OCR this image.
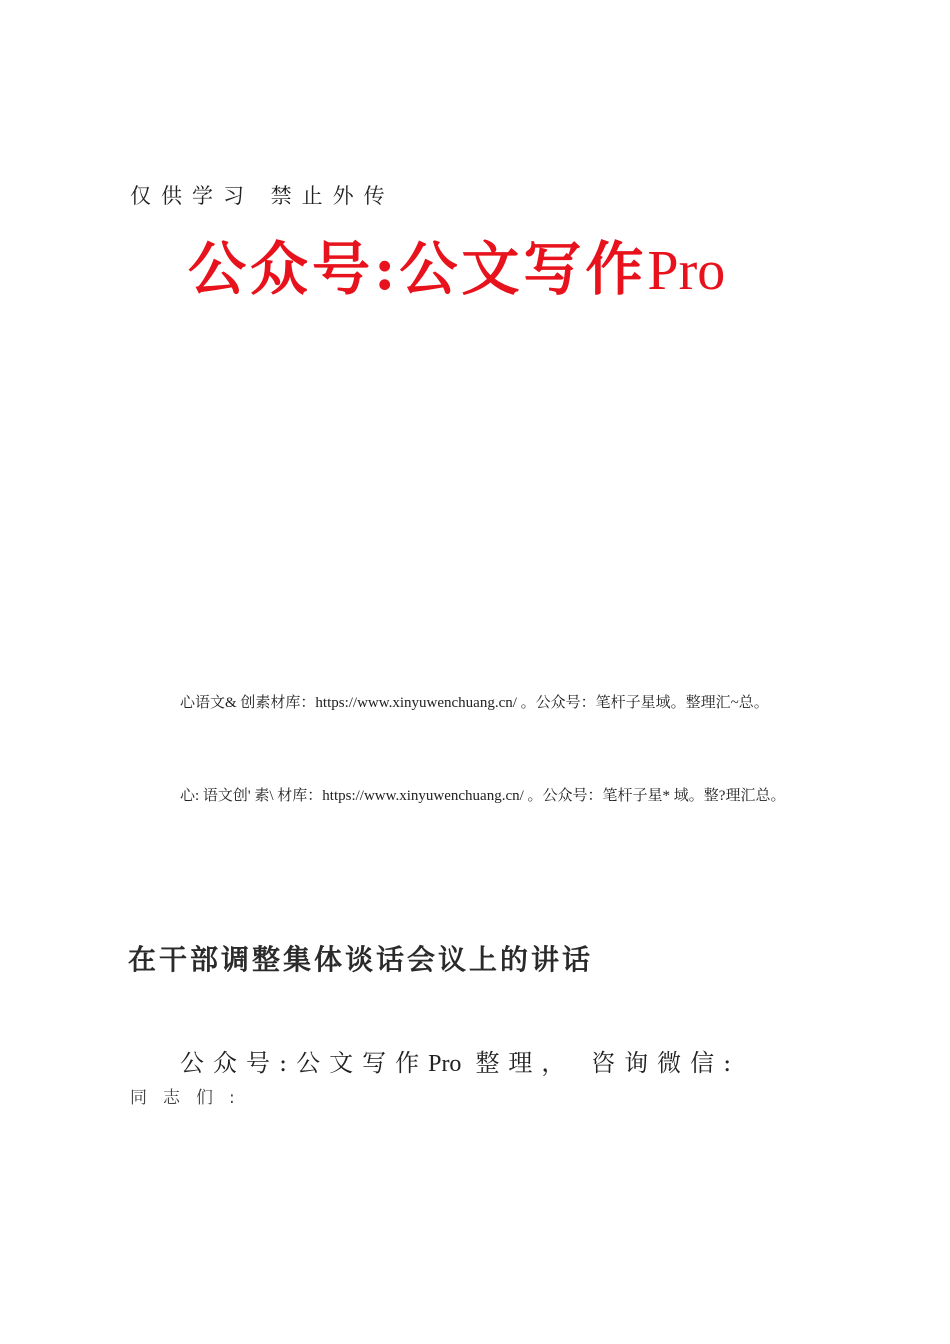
仅供学习 禁止外传
公众号:公文写作Pro

心语文& 创素材库：https://www.xinyuwenchuang.cn/ 。公众号：笔杆子星域。整理汇~总。

心: 语文创' 素\ 材库：https://www.xinyuwenchuang.cn/ 。公众号：笔杆子星* 域。整?理汇总。

在干部调整集体谈话会议上的讲话
公众号:公文写作Pro 整理， 咨询微信:
同志们:
